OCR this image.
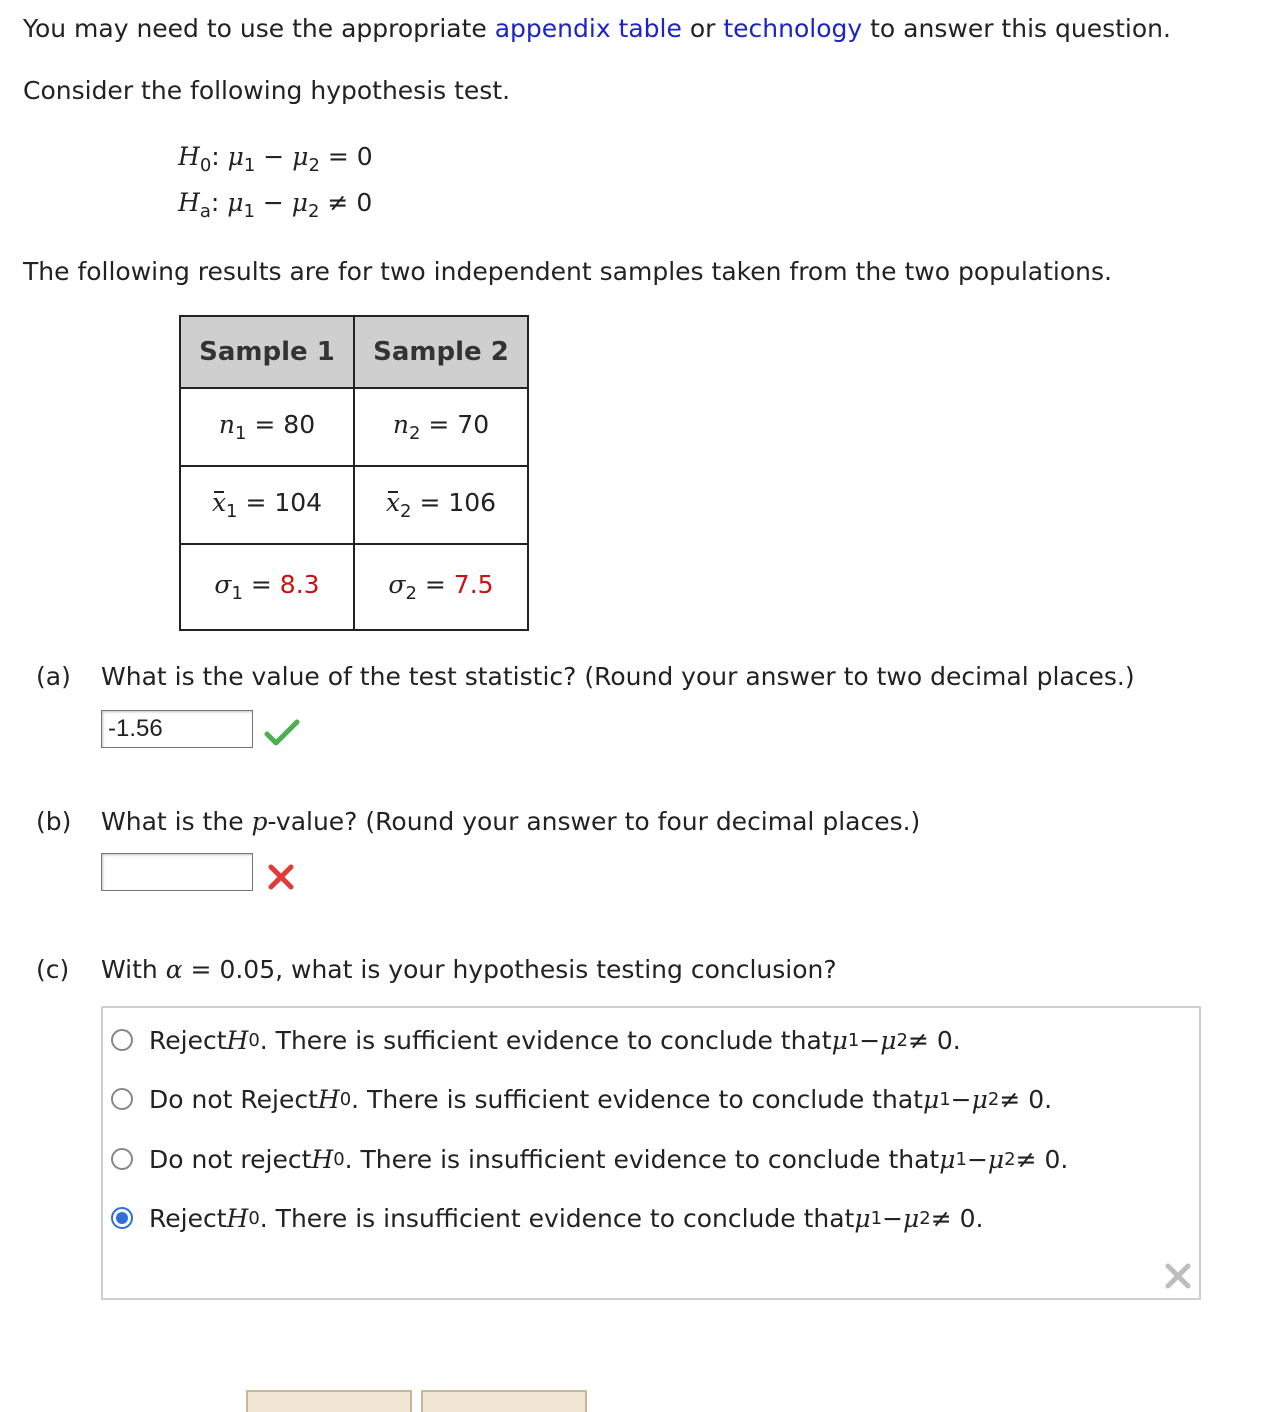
You may need to use the appropriate appendix table or technology to answer this question.
Consider the following hypothesis test.
$H_0$: $\mu_1 - \mu_2 = 0$
$H_a$: $\mu_1 - \mu_2 \ne 0$
The following results are for two independent samples taken from the two populations.
Sample 1	Sample 2
$n_1 = 80$	$n_2 = 70$
$x_1 = 104$	$x_2 = 106$
$\sigma_1 = 8.3$	$\sigma_2 = 7.5$
(a) What is the value of the test statistic? (Round your answer to two decimal places.)
-1.56
(b) What is the p-value? (Round your answer to four decimal places.)
(c) With α = 0.05, what is your hypothesis testing conclusion?
Reject H 0 . There is sufficient evidence to conclude that μ 1 − μ 2 ≠ 0.
Do not Reject H 0 . There is sufficient evidence to conclude that μ 1 − μ 2 ≠ 0.
Do not reject H 0 . There is insufficient evidence to conclude that μ 1 − μ 2 ≠ 0.
Reject H 0 . There is insufficient evidence to conclude that μ 1 − μ 2 ≠ 0.
